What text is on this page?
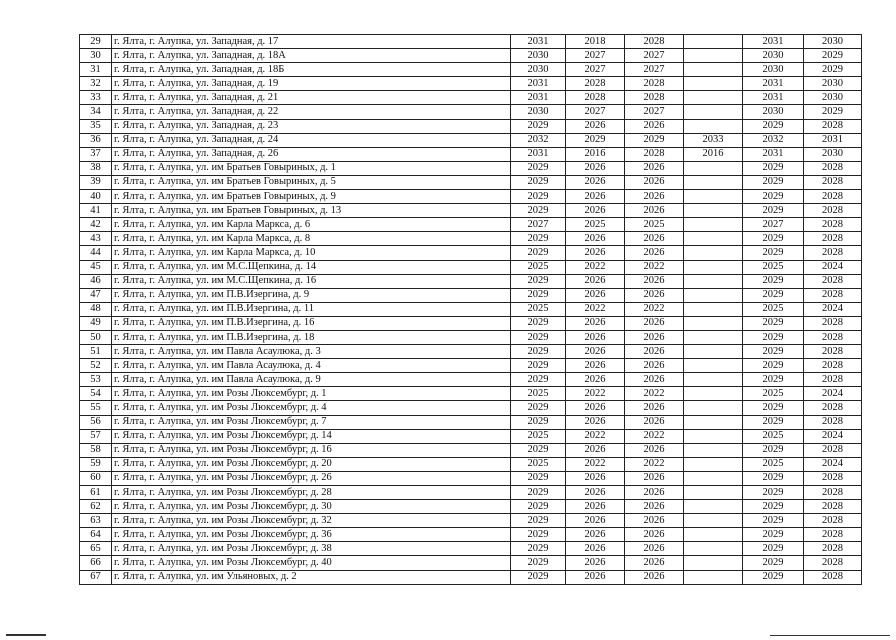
29	г. Ялта, г. Алупка, ул. Западная, д. 17	2031	2018	2028		2031	2030
30	г. Ялта, г. Алупка, ул. Западная, д. 18А	2030	2027	2027		2030	2029
31	г. Ялта, г. Алупка, ул. Западная, д. 18Б	2030	2027	2027		2030	2029
32	г. Ялта, г. Алупка, ул. Западная, д. 19	2031	2028	2028		2031	2030
33	г. Ялта, г. Алупка, ул. Западная, д. 21	2031	2028	2028		2031	2030
34	г. Ялта, г. Алупка, ул. Западная, д. 22	2030	2027	2027		2030	2029
35	г. Ялта, г. Алупка, ул. Западная, д. 23	2029	2026	2026		2029	2028
36	г. Ялта, г. Алупка, ул. Западная, д. 24	2032	2029	2029	2033	2032	2031
37	г. Ялта, г. Алупка, ул. Западная, д. 26	2031	2016	2028	2016	2031	2030
38	г. Ялта, г. Алупка, ул. им Братьев Говыриных, д. 1	2029	2026	2026		2029	2028
39	г. Ялта, г. Алупка, ул. им Братьев Говыриных, д. 5	2029	2026	2026		2029	2028
40	г. Ялта, г. Алупка, ул. им Братьев Говыриных, д. 9	2029	2026	2026		2029	2028
41	г. Ялта, г. Алупка, ул. им Братьев Говыриных, д. 13	2029	2026	2026		2029	2028
42	г. Ялта, г. Алупка, ул. им Карла Маркса, д. 6	2027	2025	2025		2027	2028
43	г. Ялта, г. Алупка, ул. им Карла Маркса, д. 8	2029	2026	2026		2029	2028
44	г. Ялта, г. Алупка, ул. им Карла Маркса, д. 10	2029	2026	2026		2029	2028
45	г. Ялта, г. Алупка, ул. им М.С.Щепкина, д. 14	2025	2022	2022		2025	2024
46	г. Ялта, г. Алупка, ул. им М.С.Щепкина, д. 16	2029	2026	2026		2029	2028
47	г. Ялта, г. Алупка, ул. им П.В.Изергина, д. 9	2029	2026	2026		2029	2028
48	г. Ялта, г. Алупка, ул. им П.В.Изергина, д. 11	2025	2022	2022		2025	2024
49	г. Ялта, г. Алупка, ул. им П.В.Изергина, д. 16	2029	2026	2026		2029	2028
50	г. Ялта, г. Алупка, ул. им П.В.Изергина, д. 18	2029	2026	2026		2029	2028
51	г. Ялта, г. Алупка, ул. им Павла Асаулюка, д. 3	2029	2026	2026		2029	2028
52	г. Ялта, г. Алупка, ул. им Павла Асаулюка, д. 4	2029	2026	2026		2029	2028
53	г. Ялта, г. Алупка, ул. им Павла Асаулюка, д. 9	2029	2026	2026		2029	2028
54	г. Ялта, г. Алупка, ул. им Розы Люксембург, д. 1	2025	2022	2022		2025	2024
55	г. Ялта, г. Алупка, ул. им Розы Люксембург, д. 4	2029	2026	2026		2029	2028
56	г. Ялта, г. Алупка, ул. им Розы Люксембург, д. 7	2029	2026	2026		2029	2028
57	г. Ялта, г. Алупка, ул. им Розы Люксембург, д. 14	2025	2022	2022		2025	2024
58	г. Ялта, г. Алупка, ул. им Розы Люксембург, д. 16	2029	2026	2026		2029	2028
59	г. Ялта, г. Алупка, ул. им Розы Люксембург, д. 20	2025	2022	2022		2025	2024
60	г. Ялта, г. Алупка, ул. им Розы Люксембург, д. 26	2029	2026	2026		2029	2028
61	г. Ялта, г. Алупка, ул. им Розы Люксембург, д. 28	2029	2026	2026		2029	2028
62	г. Ялта, г. Алупка, ул. им Розы Люксембург, д. 30	2029	2026	2026		2029	2028
63	г. Ялта, г. Алупка, ул. им Розы Люксембург, д. 32	2029	2026	2026		2029	2028
64	г. Ялта, г. Алупка, ул. им Розы Люксембург, д. 36	2029	2026	2026		2029	2028
65	г. Ялта, г. Алупка, ул. им Розы Люксембург, д. 38	2029	2026	2026		2029	2028
66	г. Ялта, г. Алупка, ул. им Розы Люксембург, д. 40	2029	2026	2026		2029	2028
67	г. Ялта, г. Алупка, ул. им Ульяновых, д. 2	2029	2026	2026		2029	2028
